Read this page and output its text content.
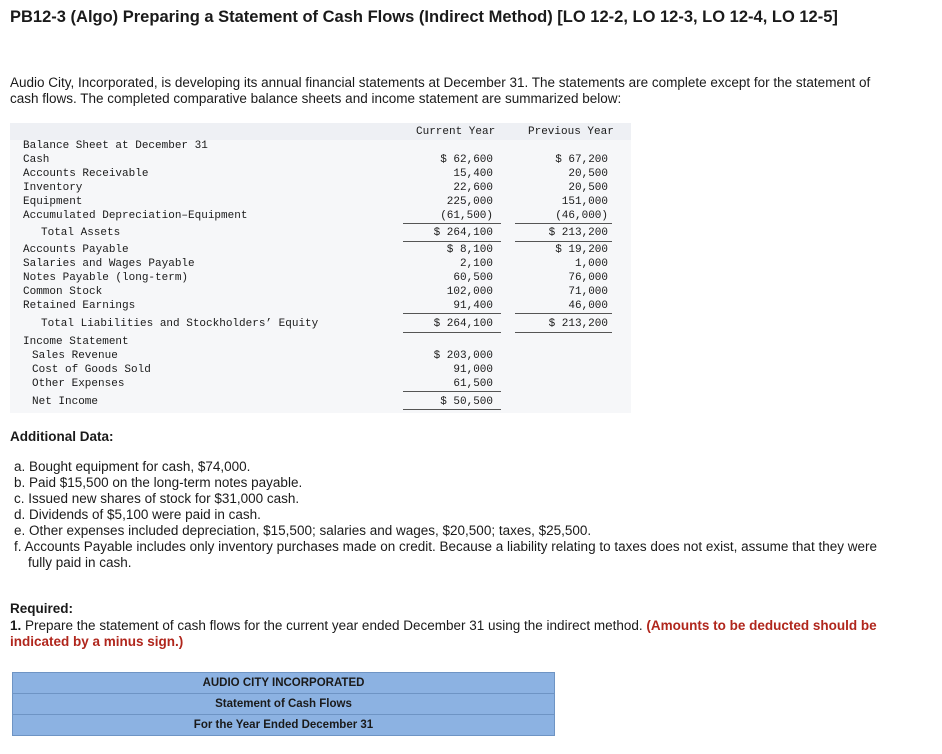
PB12-3 (Algo) Preparing a Statement of Cash Flows (Indirect Method) [LO 12-2, LO 12-3, LO 12-4, LO 12-5]
Audio City, Incorporated, is developing its annual financial statements at December 31. The statements are complete except for the statement of cash flows. The completed comparative balance sheets and income statement are summarized below:
Current Year	Previous Year
Balance Sheet at December 31
Cash	$ 62,600	$ 67,200
Accounts Receivable	15,400	20,500
Inventory	22,600	20,500
Equipment	225,000	151,000
Accumulated Depreciation–Equipment	(61,500)	(46,000)
Total Assets	$ 264,100	$ 213,200
Accounts Payable	$ 8,100	$ 19,200
Salaries and Wages Payable	2,100	1,000
Notes Payable (long-term)	60,500	76,000
Common Stock	102,000	71,000
Retained Earnings	91,400	46,000
Total Liabilities and Stockholders’ Equity	$ 264,100	$ 213,200
Income Statement
Sales Revenue	$ 203,000
Cost of Goods Sold	91,000
Other Expenses	61,500
Net Income	$ 50,500
Additional Data:
a. Bought equipment for cash, $74,000.
b. Paid $15,500 on the long-term notes payable.
c. Issued new shares of stock for $31,000 cash.
d. Dividends of $5,100 were paid in cash.
e. Other expenses included depreciation, $15,500; salaries and wages, $20,500; taxes, $25,500.
f. Accounts Payable includes only inventory purchases made on credit. Because a liability relating to taxes does not exist, assume that they were fully paid in cash.
Required:
1. Prepare the statement of cash flows for the current year ended December 31 using the indirect method. (Amounts to be deducted should be indicated by a minus sign.)
AUDIO CITY INCORPORATED
Statement of Cash Flows
For the Year Ended December 31
